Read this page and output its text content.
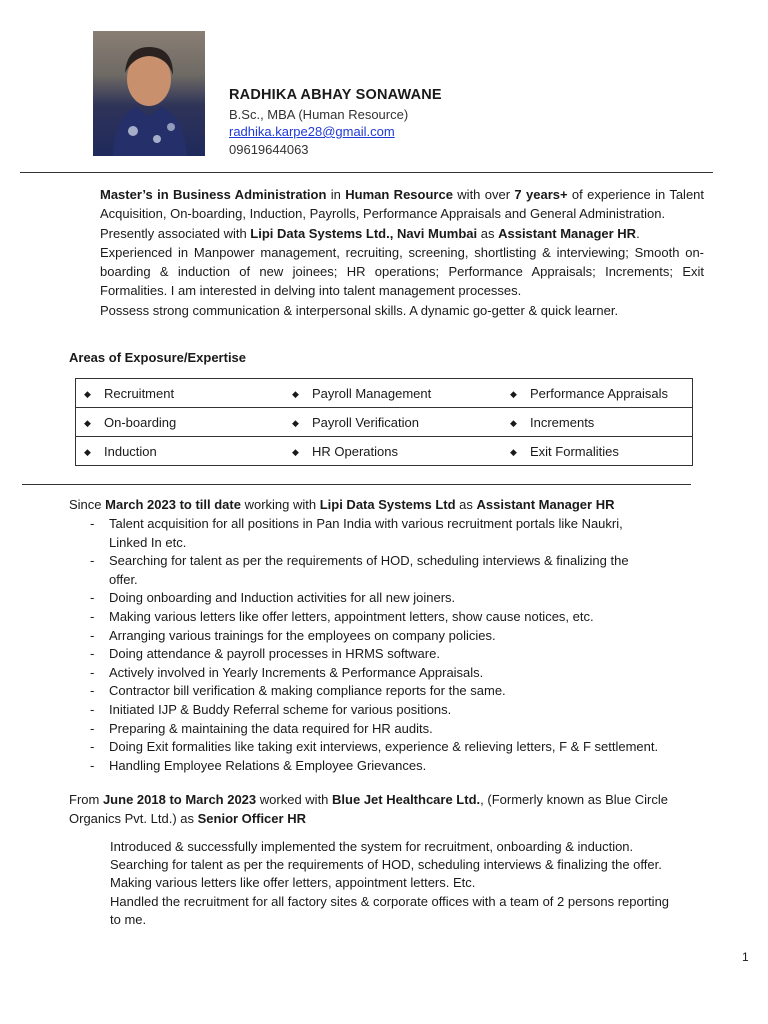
RADHIKA ABHAY SONAWANE
B.Sc., MBA (Human Resource)
radhika.karpe28@gmail.com
09619644063

Master’s in Business Administration in Human Resource with over 7 years+ of experience in Talent Acquisition, On-boarding, Induction, Payrolls, Performance Appraisals and General Administration.

Presently associated with Lipi Data Systems Ltd., Navi Mumbai as Assistant Manager HR.

Experienced in Manpower management, recruiting, screening, shortlisting & interviewing; Smooth on-boarding & induction of new joinees; HR operations; Performance Appraisals; Increments; Exit Formalities. I am interested in delving into talent management processes.

Possess strong communication & interpersonal skills. A dynamic go-getter & quick learner.

Areas of Exposure/Expertise
◆ Recruitment	◆ Payroll Management	◆ Performance Appraisals
◆ On-boarding	◆ Payroll Verification	◆ Increments
◆ Induction	◆ HR Operations	◆ Exit Formalities
Since March 2023 to till date working with Lipi Data Systems Ltd as Assistant Manager HR
- Talent acquisition for all positions in Pan India with various recruitment portals like Naukri, Linked In etc.
- Searching for talent as per the requirements of HOD, scheduling interviews & finalizing the offer.
- Doing onboarding and Induction activities for all new joiners.
- Making various letters like offer letters, appointment letters, show cause notices, etc.
- Arranging various trainings for the employees on company policies.
- Doing attendance & payroll processes in HRMS software.
- Actively involved in Yearly Increments & Performance Appraisals.
- Contractor bill verification & making compliance reports for the same.
- Initiated IJP & Buddy Referral scheme for various positions.
- Preparing & maintaining the data required for HR audits.
- Doing Exit formalities like taking exit interviews, experience & relieving letters, F & F settlement.
- Handling Employee Relations & Employee Grievances.
From June 2018 to March 2023 worked with Blue Jet Healthcare Ltd., (Formerly known as Blue Circle Organics Pvt. Ltd.) as Senior Officer HR

Introduced & successfully implemented the system for recruitment, onboarding & induction.

Searching for talent as per the requirements of HOD, scheduling interviews & finalizing the offer. Making various letters like offer letters, appointment letters. Etc.

Handled the recruitment for all factory sites & corporate offices with a team of 2 persons reporting to me.

1
